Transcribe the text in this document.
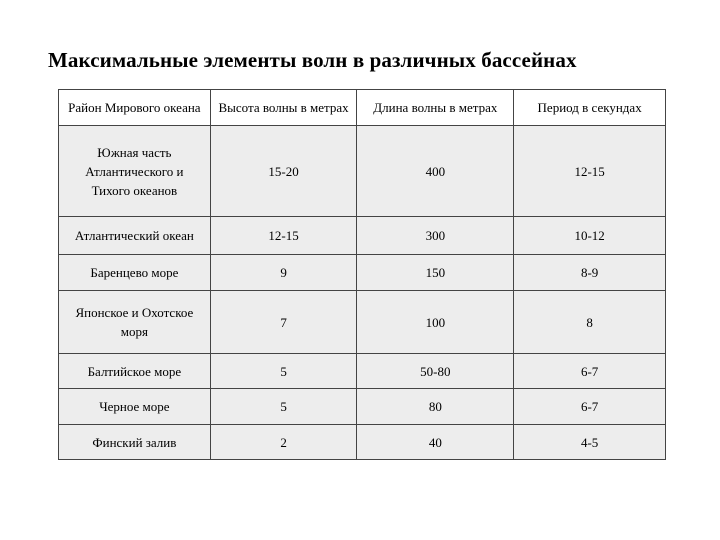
Максимальные элементы волн в различных бассейнах
Район Мирового океана	Высота волны в метрах	Длина волны в метрах	Период в секундах
Южная часть Атлантического и Тихого океанов	15-20	400	12-15
Атлантический океан	12-15	300	10-12
Баренцево море	9	150	8-9
Японское и Охотское моря	7	100	8
Балтийское море	5	50-80	6-7
Черное море	5	80	6-7
Финский залив	2	40	4-5
